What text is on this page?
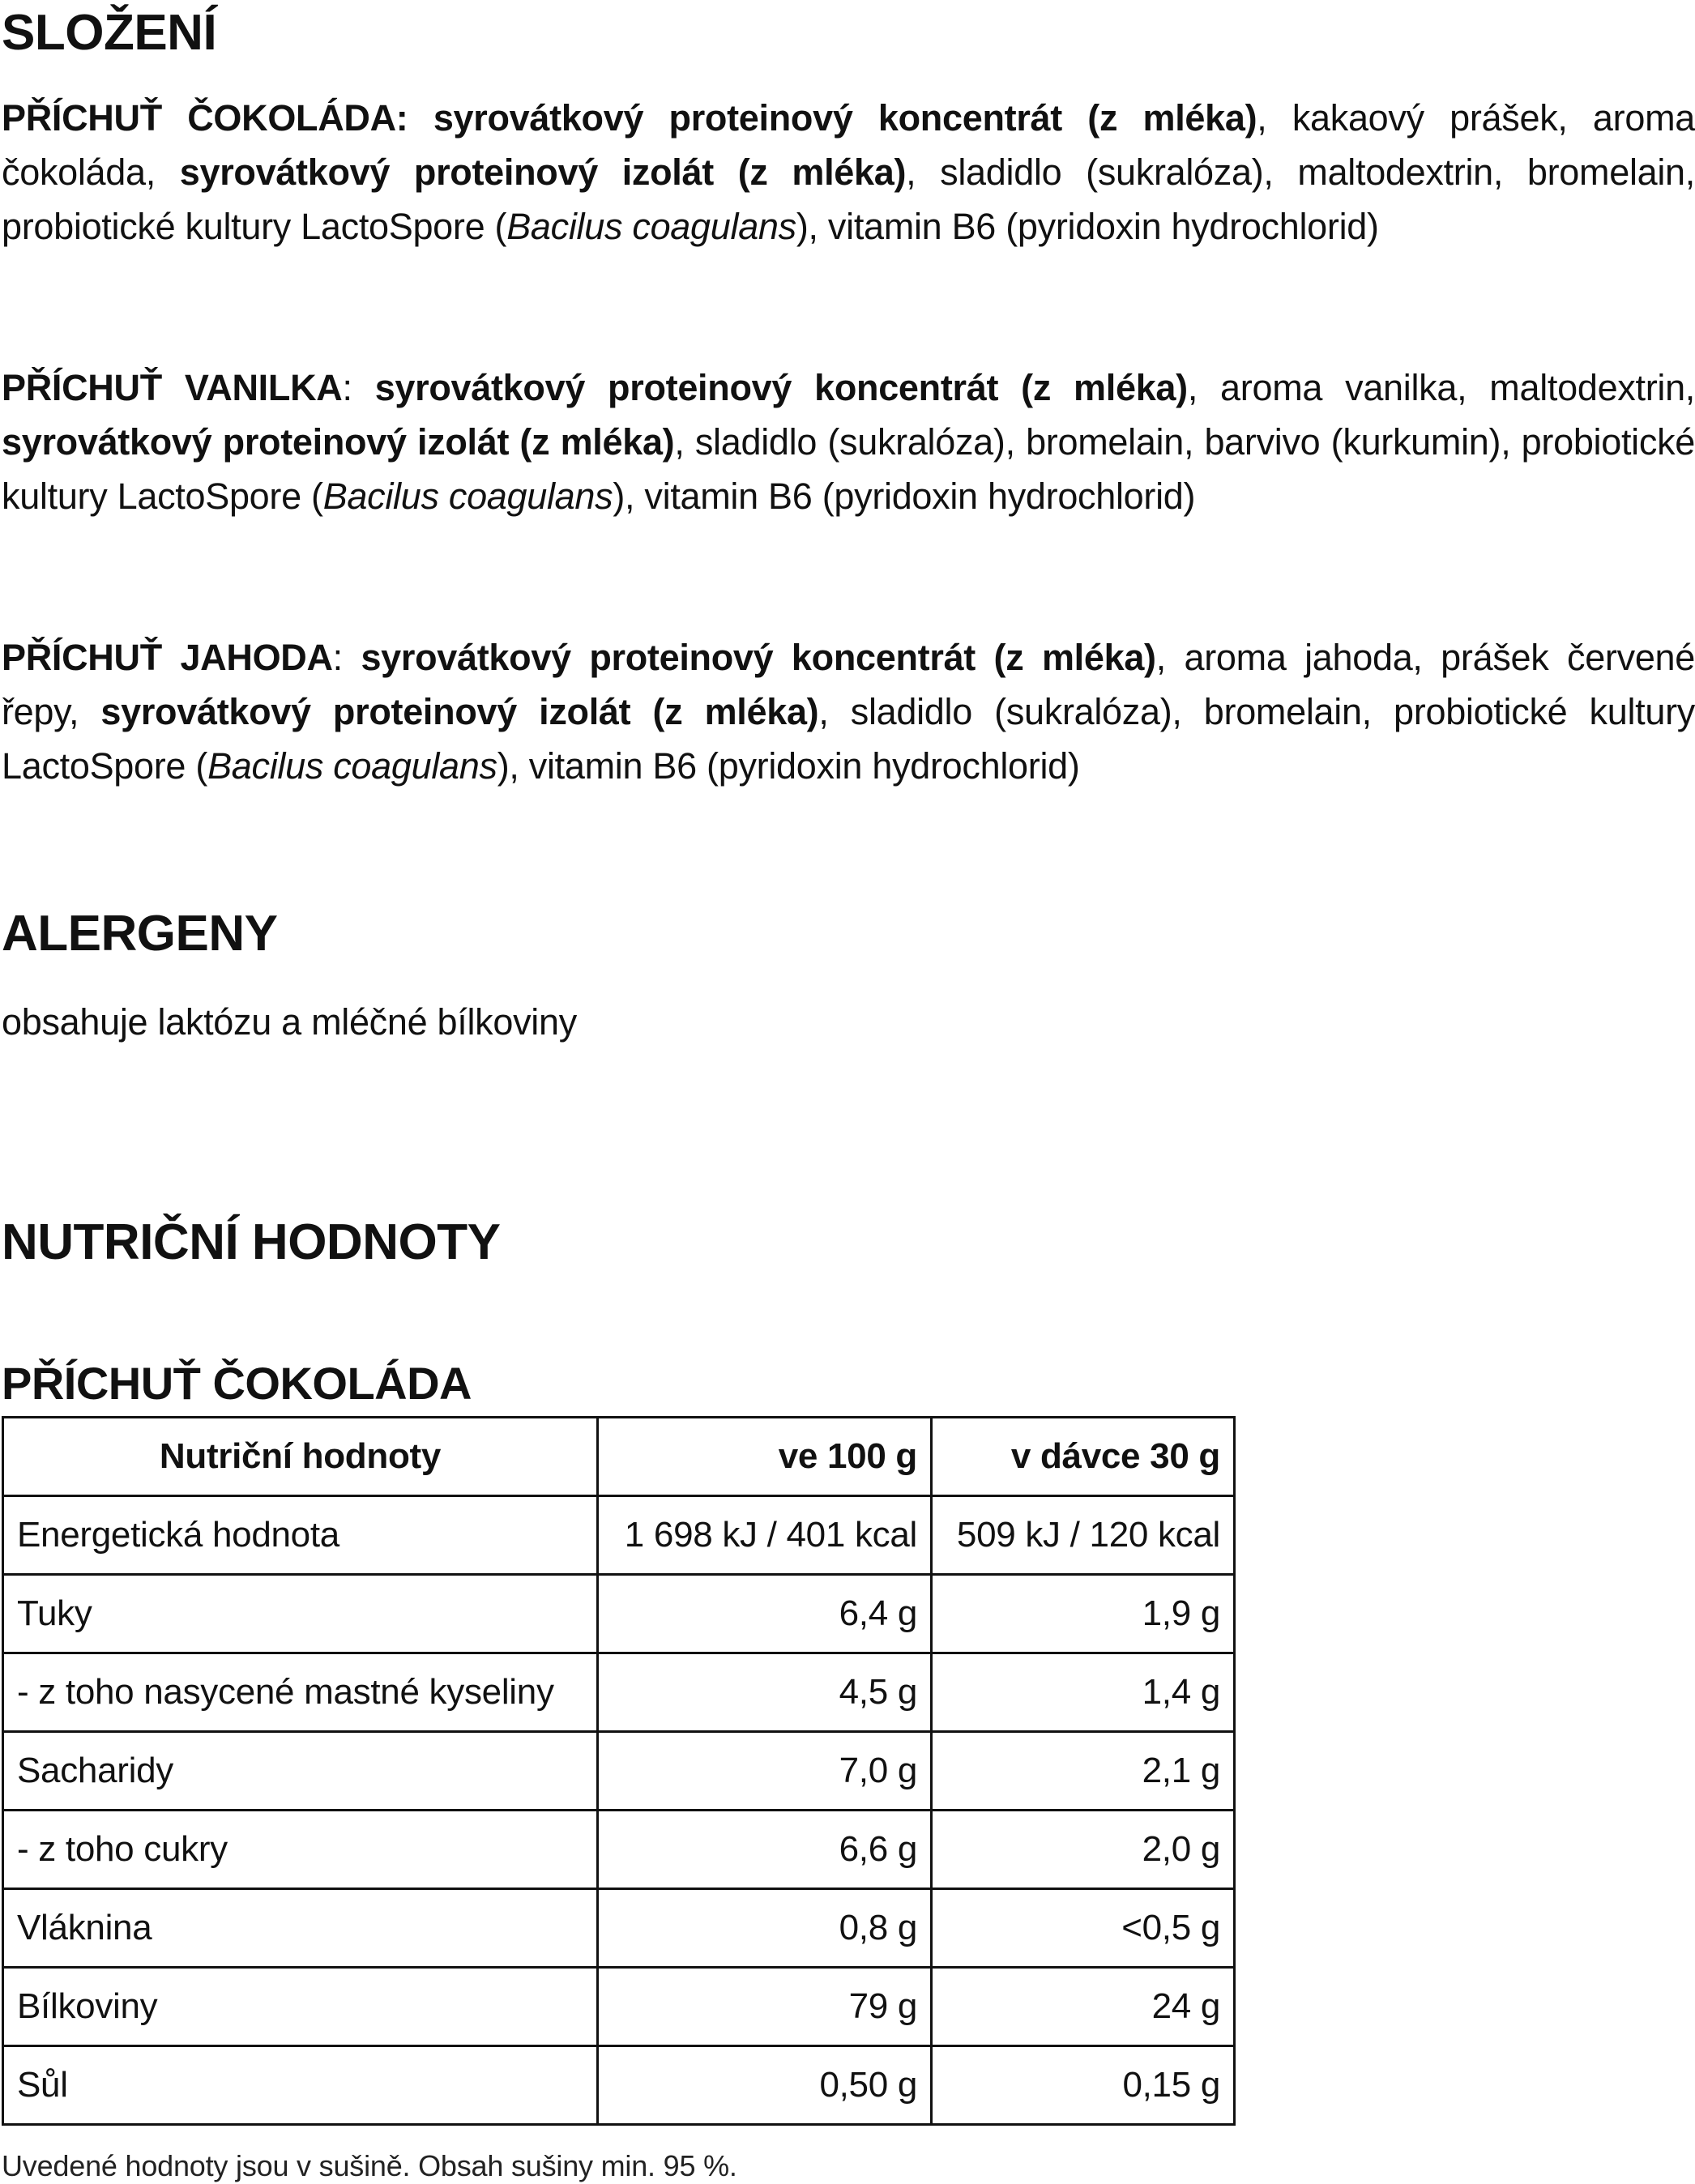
SLOŽENÍ

PŘÍCHUŤ ČOKOLÁDA: syrovátkový proteinový koncentrát (z mléka), kakaový prášek, aroma čokoláda, syrovátkový proteinový izolát (z mléka), sladidlo (sukralóza), maltodextrin, bromelain, probiotické kultury LactoSpore (Bacilus coagulans), vitamin B6 (pyridoxin hydrochlorid)

PŘÍCHUŤ VANILKA: syrovátkový proteinový koncentrát (z mléka), aroma vanilka, maltodextrin, syrovátkový proteinový izolát (z mléka), sladidlo (sukralóza), bromelain, barvivo (kurkumin), probiotické kultury LactoSpore (Bacilus coagulans), vitamin B6 (pyridoxin hydrochlorid)

PŘÍCHUŤ JAHODA: syrovátkový proteinový koncentrát (z mléka), aroma jahoda, prášek červené řepy, syrovátkový proteinový izolát (z mléka), sladidlo (sukralóza), bromelain, probiotické kultury LactoSpore (Bacilus coagulans), vitamin B6 (pyridoxin hydrochlorid)

ALERGENY

obsahuje laktózu a mléčné bílkoviny

NUTRIČNÍ HODNOTY
PŘÍCHUŤ ČOKOLÁDA
Nutriční hodnoty	ve 100 g	v dávce 30 g
Energetická hodnota	1 698 kJ / 401 kcal	509 kJ / 120 kcal
Tuky	6,4 g	1,9 g
- z toho nasycené mastné kyseliny	4,5 g	1,4 g
Sacharidy	7,0 g	2,1 g
- z toho cukry	6,6 g	2,0 g
Vláknina	0,8 g	<0,5 g
Bílkoviny	79 g	24 g
Sůl	0,50 g	0,15 g

Uvedené hodnoty jsou v sušině. Obsah sušiny min. 95 %.
